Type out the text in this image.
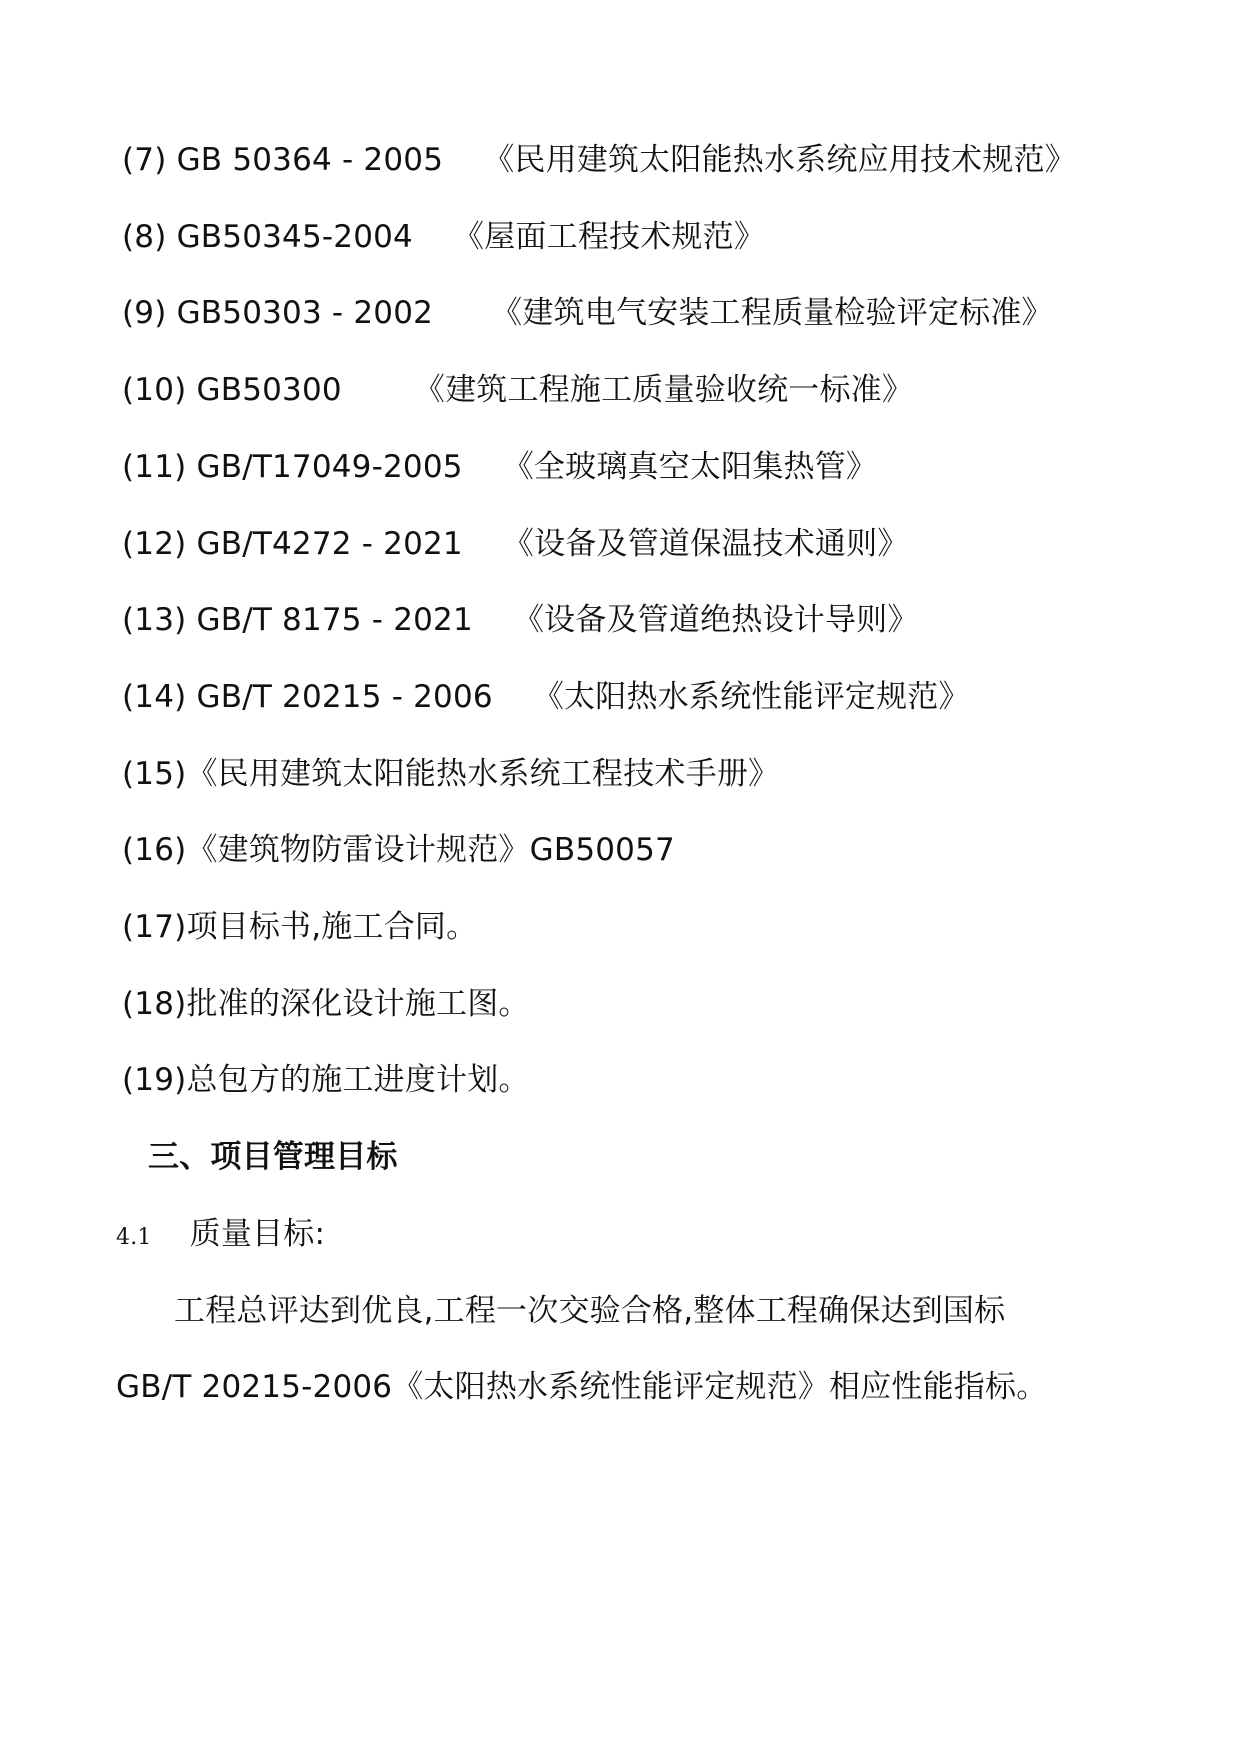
(7) GB 50364 - 2005 《民用建筑太阳能热水系统应用技术规范》
(8) GB50345-2004 《屋面工程技术规范》
(9) GB50303 - 2002 《建筑电气安装工程质量检验评定标准》
(10) GB50300 《建筑工程施工质量验收统一标准》
(11) GB/T17049-2005 《全玻璃真空太阳集热管》
(12) GB/T4272 - 2021 《设备及管道保温技术通则》
(13) GB/T 8175 - 2021 《设备及管道绝热设计导则》
(14) GB/T 20215 - 2006 《太阳热水系统性能评定规范》
(15)《民用建筑太阳能热水系统工程技术手册》
(16)《建筑物防雷设计规范》GB50057
(17)项目标书,施工合同。
(18)批准的深化设计施工图。
(19)总包方的施工进度计划。
三、项目管理目标
4.1 质量目标:
工程总评达到优良,工程一次交验合格,整体工程确保达到国标
GB/T 20215-2006《太阳热水系统性能评定规范》相应性能指标。
